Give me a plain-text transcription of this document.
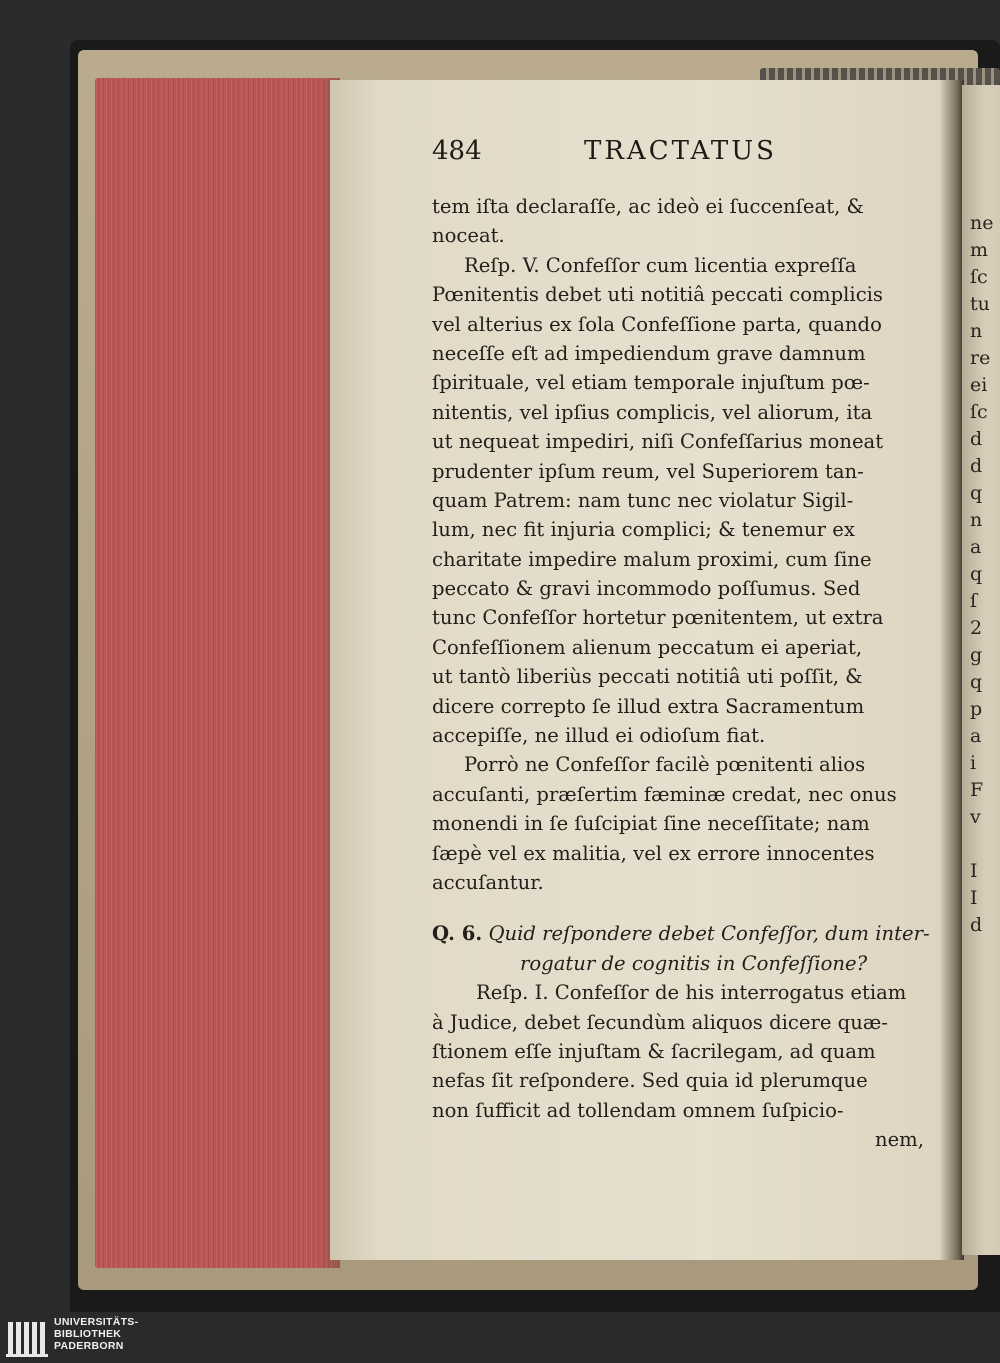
484	TRACTATUS
tem iſta declaraſſe, ac ideò ei ſuccenſeat, &
noceat.
Reſp. V. Confeſſor cum licentia expreſſa
Pœnitentis debet uti notitiâ peccati complicis
vel alterius ex ſola Confeſſione parta, quando
neceſſe eſt ad impediendum grave damnum
ſpirituale, vel etiam temporale injuſtum pœ-
nitentis, vel ipſius complicis, vel aliorum, ita
ut nequeat impediri, niſi Confeſſarius moneat
prudenter ipſum reum, vel Superiorem tan-
quam Patrem: nam tunc nec violatur Sigil-
lum, nec fit injuria complici; & tenemur ex
charitate impedire malum proximi, cum ſine
peccato & gravi incommodo poſſumus. Sed
tunc Confeſſor hortetur pœnitentem, ut extra
Confeſſionem alienum peccatum ei aperiat,
ut tantò liberiùs peccati notitiâ uti poſſit, &
dicere correpto ſe illud extra Sacramentum
accepiſſe, ne illud ei odioſum fiat.
Porrò ne Confeſſor facilè pœnitenti alios
accuſanti, præſertim fæminæ credat, nec onus
monendi in ſe ſuſcipiat ſine neceſſitate; nam
ſæpè vel ex malitia, vel ex errore innocentes
accuſantur.
Q. 6. Quid reſpondere debet Confeſſor, dum inter-
rogatur de cognitis in Confeſſione?
Reſp. I. Confeſſor de his interrogatus etiam
à Judice, debet ſecundùm aliquos dicere quæ-
ſtionem eſſe injuſtam & ſacrilegam, ad quam
nefas ſit reſpondere. Sed quia id plerumque
non ſufficit ad tollendam omnem ſuſpicio-
nem,
ne
m
ſc
tu
n
re
ei
ſc
d
d
q
n
a
q
ſ
2
g
q
p
a
i
F
v
I
I
d
UNIVERSITÄTS-
BIBLIOTHEK
PADERBORN
